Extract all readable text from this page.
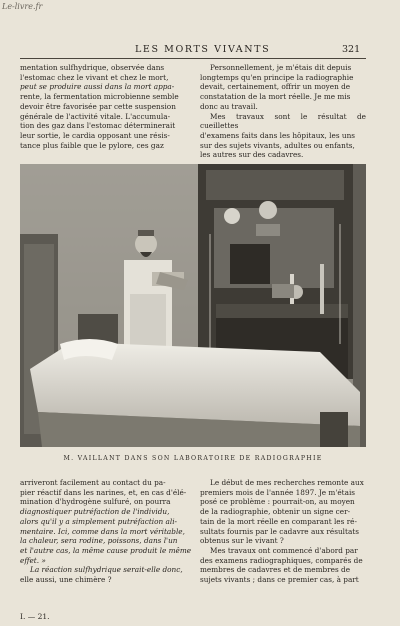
Le-livre.fr
LES MORTS VIVANTS	321

mentation sulfhydrique, observée dans

l'estomac chez le vivant et chez le mort,

peut se produire aussi dans la mort appa-

rente, la fermentation microbienne semble

devoir être favorisée par cette suspension

générale de l'activité vitale. L'accumula-

tion des gaz dans l'estomac déterminerait

leur sortie, le cardia opposant une résis-

tance plus faible que le pylore, ces gaz

Personnellement, je m'étais dit depuis

longtemps qu'en principe la radiographie

devait, certainement, offrir un moyen de

constatation de la mort réelle. Je me mis

donc au travail.

Mes travaux sont le résultat de cueillettes

d'examens faits dans les hôpitaux, les uns

sur des sujets vivants, adultes ou enfants,

les autres sur des cadavres.

M. VAILLANT DANS SON LABORATOIRE DE RADIOGRAPHIE

arriveront facilement au contact du pa-

pier réactif dans les narines, et, en cas d'élé-

mination d'hydrogène sulfuré, on pourra

diagnostiquer putréfaction de l'individu,

alors qu'il y a simplement putréfaction ali-

mentaire. Ici, comme dans la mort véritable,

la chaleur, sera rodine, poissons, dans l'un

et l'autre cas, la même cause produit le même

effet. »

La réaction sulfhydrique serait-elle donc,

elle aussi, une chimère ?

Le début de mes recherches remonte aux

premiers mois de l'année 1897. Je m'étais

posé ce problème : pourrait-on, au moyen

de la radiographie, obtenir un signe cer-

tain de la mort réelle en comparant les ré-

sultats fournis par le cadavre aux résultats

obtenus sur le vivant ?

Mes travaux ont commencé d'abord par

des examens radiographiques, comparés de

membres de cadavres et de membres de

sujets vivants ; dans ce premier cas, à part

I. — 21.
